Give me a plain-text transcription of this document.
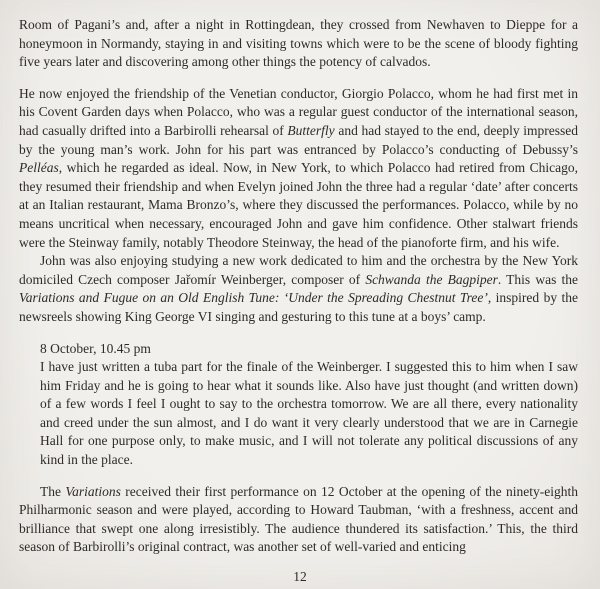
Room of Pagani’s and, after a night in Rottingdean, they crossed from Newhaven to Dieppe for a honeymoon in Normandy, staying in and visiting towns which were to be the scene of bloody fighting five years later and discovering among other things the potency of calvados.

He now enjoyed the friendship of the Venetian conductor, Giorgio Polacco, whom he had first met in his Covent Garden days when Polacco, who was a regular guest conductor of the international season, had casually drifted into a Barbirolli rehearsal of Butterfly and had stayed to the end, deeply impressed by the young man’s work. John for his part was entranced by Polacco’s conducting of Debussy’s Pelléas, which he regarded as ideal. Now, in New York, to which Polacco had retired from Chicago, they resumed their friendship and when Evelyn joined John the three had a regular ‘date’ after concerts at an Italian restaurant, Mama Bronzo’s, where they discussed the performances. Polacco, while by no means uncritical when necessary, encouraged John and gave him confidence. Other stalwart friends were the Steinway family, notably Theodore Steinway, the head of the pianoforte firm, and his wife.

John was also enjoying studying a new work dedicated to him and the orchestra by the New York domiciled Czech composer Jařomír Weinberger, composer of Schwanda the Bagpiper. This was the Variations and Fugue on an Old English Tune: ‘Under the Spreading Chestnut Tree’, inspired by the newsreels showing King George VI singing and gesturing to this tune at a boys’ camp.

8 October, 10.45 pm

I have just written a tuba part for the finale of the Weinberger. I suggested this to him when I saw him Friday and he is going to hear what it sounds like. Also have just thought (and written down) of a few words I feel I ought to say to the orchestra tomorrow. We are all there, every nationality and creed under the sun almost, and I do want it very clearly understood that we are in Carnegie Hall for one purpose only, to make music, and I will not tolerate any political discussions of any kind in the place.

The Variations received their first performance on 12 October at the opening of the ninety-eighth Philharmonic season and were played, according to Howard Taubman, ‘with a freshness, accent and brilliance that swept one along irresistibly. The audience thundered its satisfaction.’ This, the third season of Barbirolli’s original contract, was another set of well-varied and enticing

12
